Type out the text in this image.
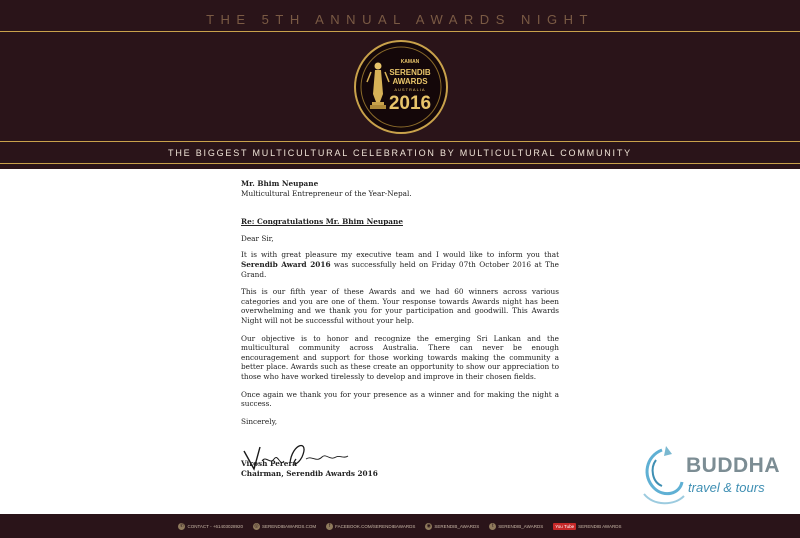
THE 5TH ANNUAL AWARDS NIGHT
KAMAN
SERENDIB
AWARDS
AUSTRALIA
2016
THE BIGGEST MULTICULTURAL CELEBRATION BY MULTICULTURAL COMMUNITY

Mr. Bhim Neupane

Multicultural Entrepreneur of the Year-Nepal.

Re: Congratulations Mr. Bhim Neupane

Dear Sir,

It is with great pleasure my executive team and I would like to inform you that Serendib Award 2016 was successfully held on Friday 07th October 2016 at The Grand.

This is our fifth year of these Awards and we had 60 winners across various categories and you are one of them. Your response towards Awards night has been overwhelming and we thank you for your participation and goodwill. This Awards Night will not be successful without your help.

Our objective is to honor and recognize the emerging Sri Lankan and the multicultural community across Australia. There can never be enough encouragement and support for those working towards making the community a better place. Awards such as these create an opportunity to show our appreciation to those who have worked tirelessly to develop and improve in their chosen fields.

Once again we thank you for your presence as a winner and for making the night a success.

Sincerely,

Virosh Perera

Chairman, Serendib Awards 2016	BUDDHA
travel & tours
✆ CONTACT - +61403028920 ◎ SERENDIBAWARDS.COM	f	FACEBOOK.COM/SERENDIBAWARDS ◉ SERENDIB_AWARDS	t	SERENDIB_AWARDS	You Tube SERENDIB AWARDS
